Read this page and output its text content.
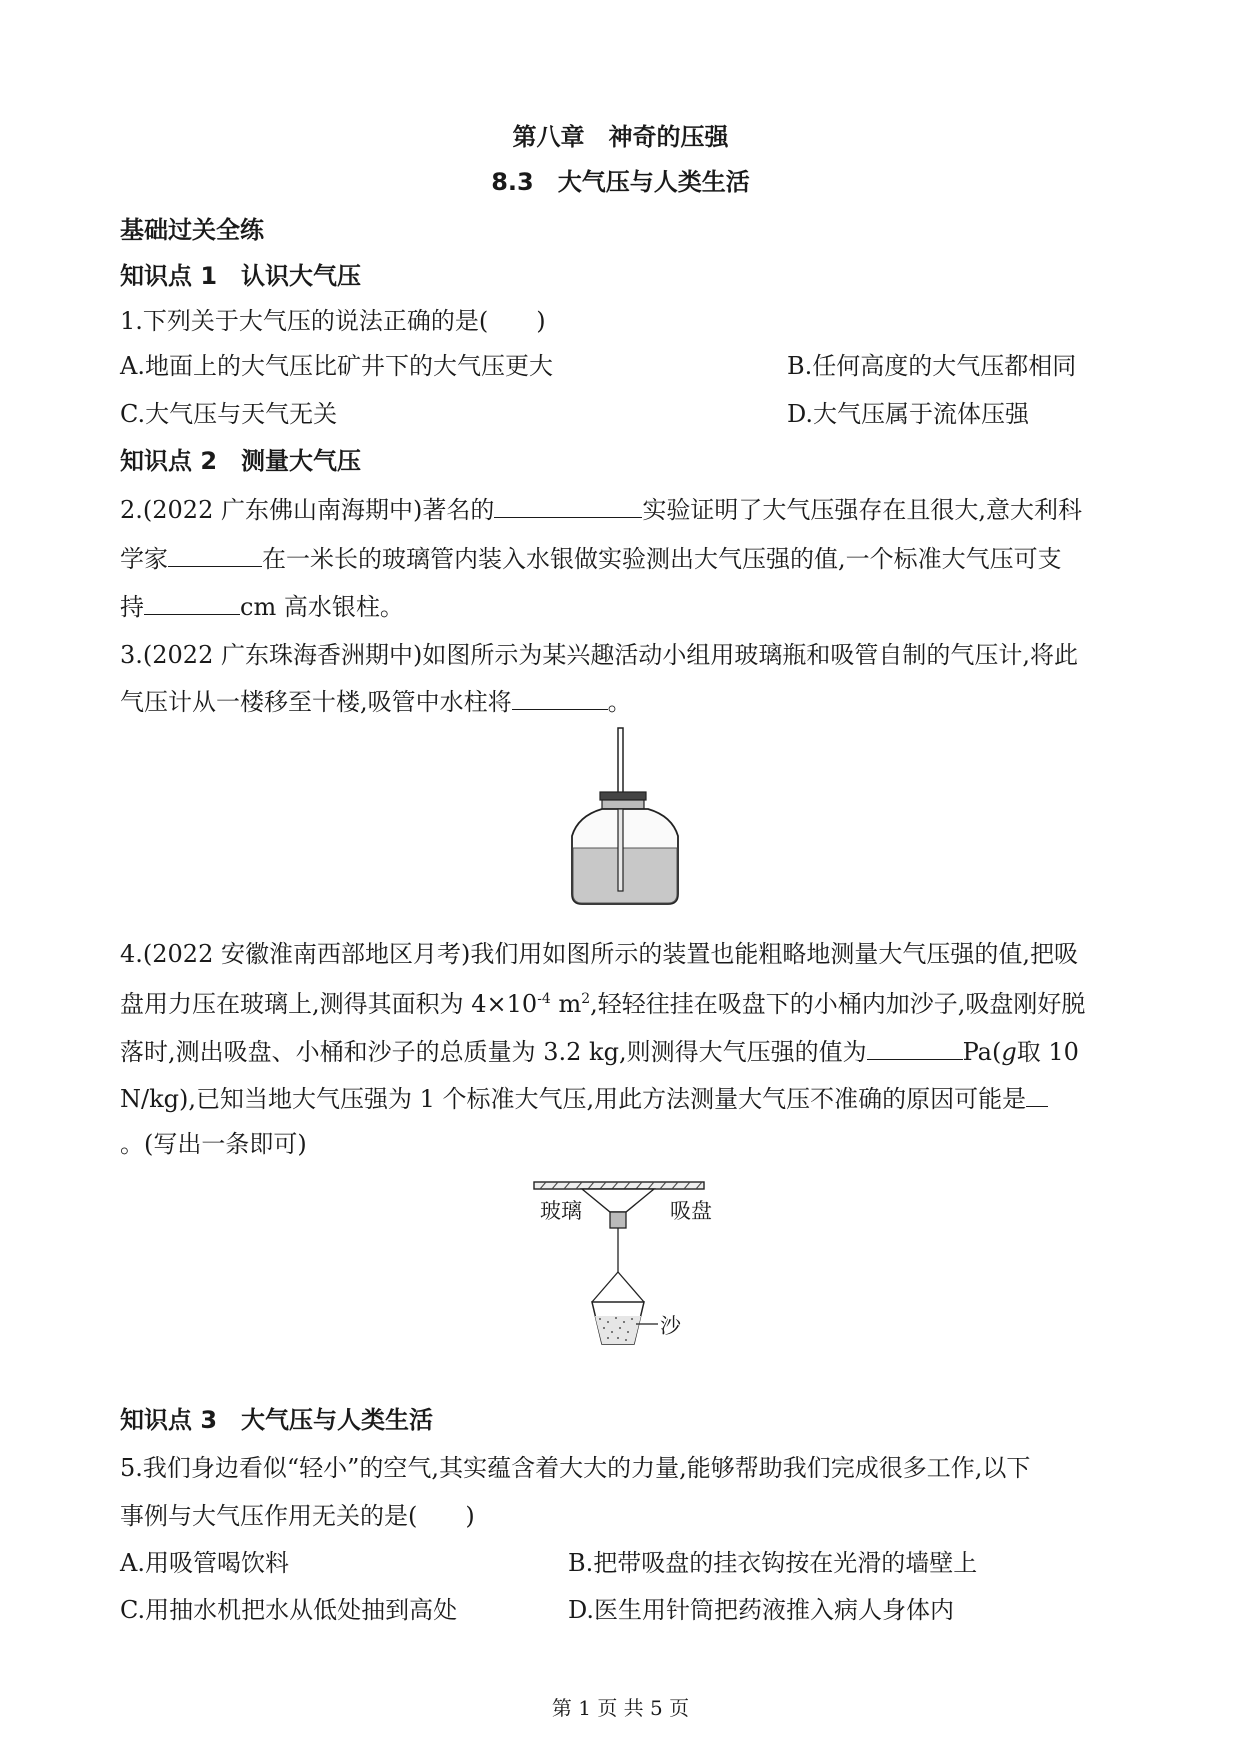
第八章　神奇的压强
8.3　大气压与人类生活
基础过关全练
知识点 1　认识大气压
1.下列关于大气压的说法正确的是(　　)
A.地面上的大气压比矿井下的大气压更大	B.任何高度的大气压都相同
C.大气压与天气无关	D.大气压属于流体压强
知识点 2　测量大气压
2.(2022 广东佛山南海期中)著名的	实验证明了大气压强存在且很大,意大利科
学家	在一米长的玻璃管内装入水银做实验测出大气压强的值,一个标准大气压可支
持	cm 高水银柱。
3.(2022 广东珠海香洲期中)如图所示为某兴趣活动小组用玻璃瓶和吸管自制的气压计,将此
气压计从一楼移至十楼,吸管中水柱将	。
4.(2022 安徽淮南西部地区月考)我们用如图所示的装置也能粗略地测量大气压强的值,把吸
盘用力压在玻璃上,测得其面积为 $4\times 10^{-4}$ $m^2$,轻轻往挂在吸盘下的小桶内加沙子,吸盘刚好脱
落时,测出吸盘、小桶和沙子的总质量为 3.2 kg,则测得大气压强的值为	Pa(g取 10
N/kg),已知当地大气压强为 1 个标准大气压,用此方法测量大气压不准确的原因可能是
。(写出一条即可)
玻璃	吸盘
沙
知识点 3　大气压与人类生活
5.我们身边看似“轻小”的空气,其实蕴含着大大的力量,能够帮助我们完成很多工作,以下
事例与大气压作用无关的是(　　)
A.用吸管喝饮料	B.把带吸盘的挂衣钩按在光滑的墙壁上
C.用抽水机把水从低处抽到高处	D.医生用针筒把药液推入病人身体内
第 1 页 共 5 页
